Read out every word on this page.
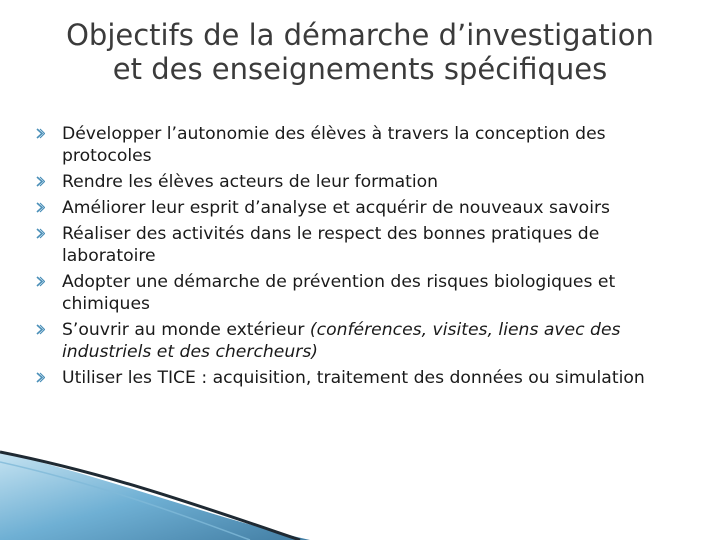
Objectifs de la démarche d’investigation
et des enseignements spécifiques
Développer l’autonomie des élèves à travers la conception des protocoles
Rendre les élèves acteurs de leur formation
Améliorer leur esprit d’analyse et acquérir de nouveaux savoirs
Réaliser des activités dans le respect des bonnes pratiques de laboratoire
Adopter une démarche de prévention des risques biologiques et chimiques
S’ouvrir au monde extérieur (conférences, visites, liens avec des industriels et des chercheurs)
Utiliser les TICE : acquisition, traitement des données ou simulation
